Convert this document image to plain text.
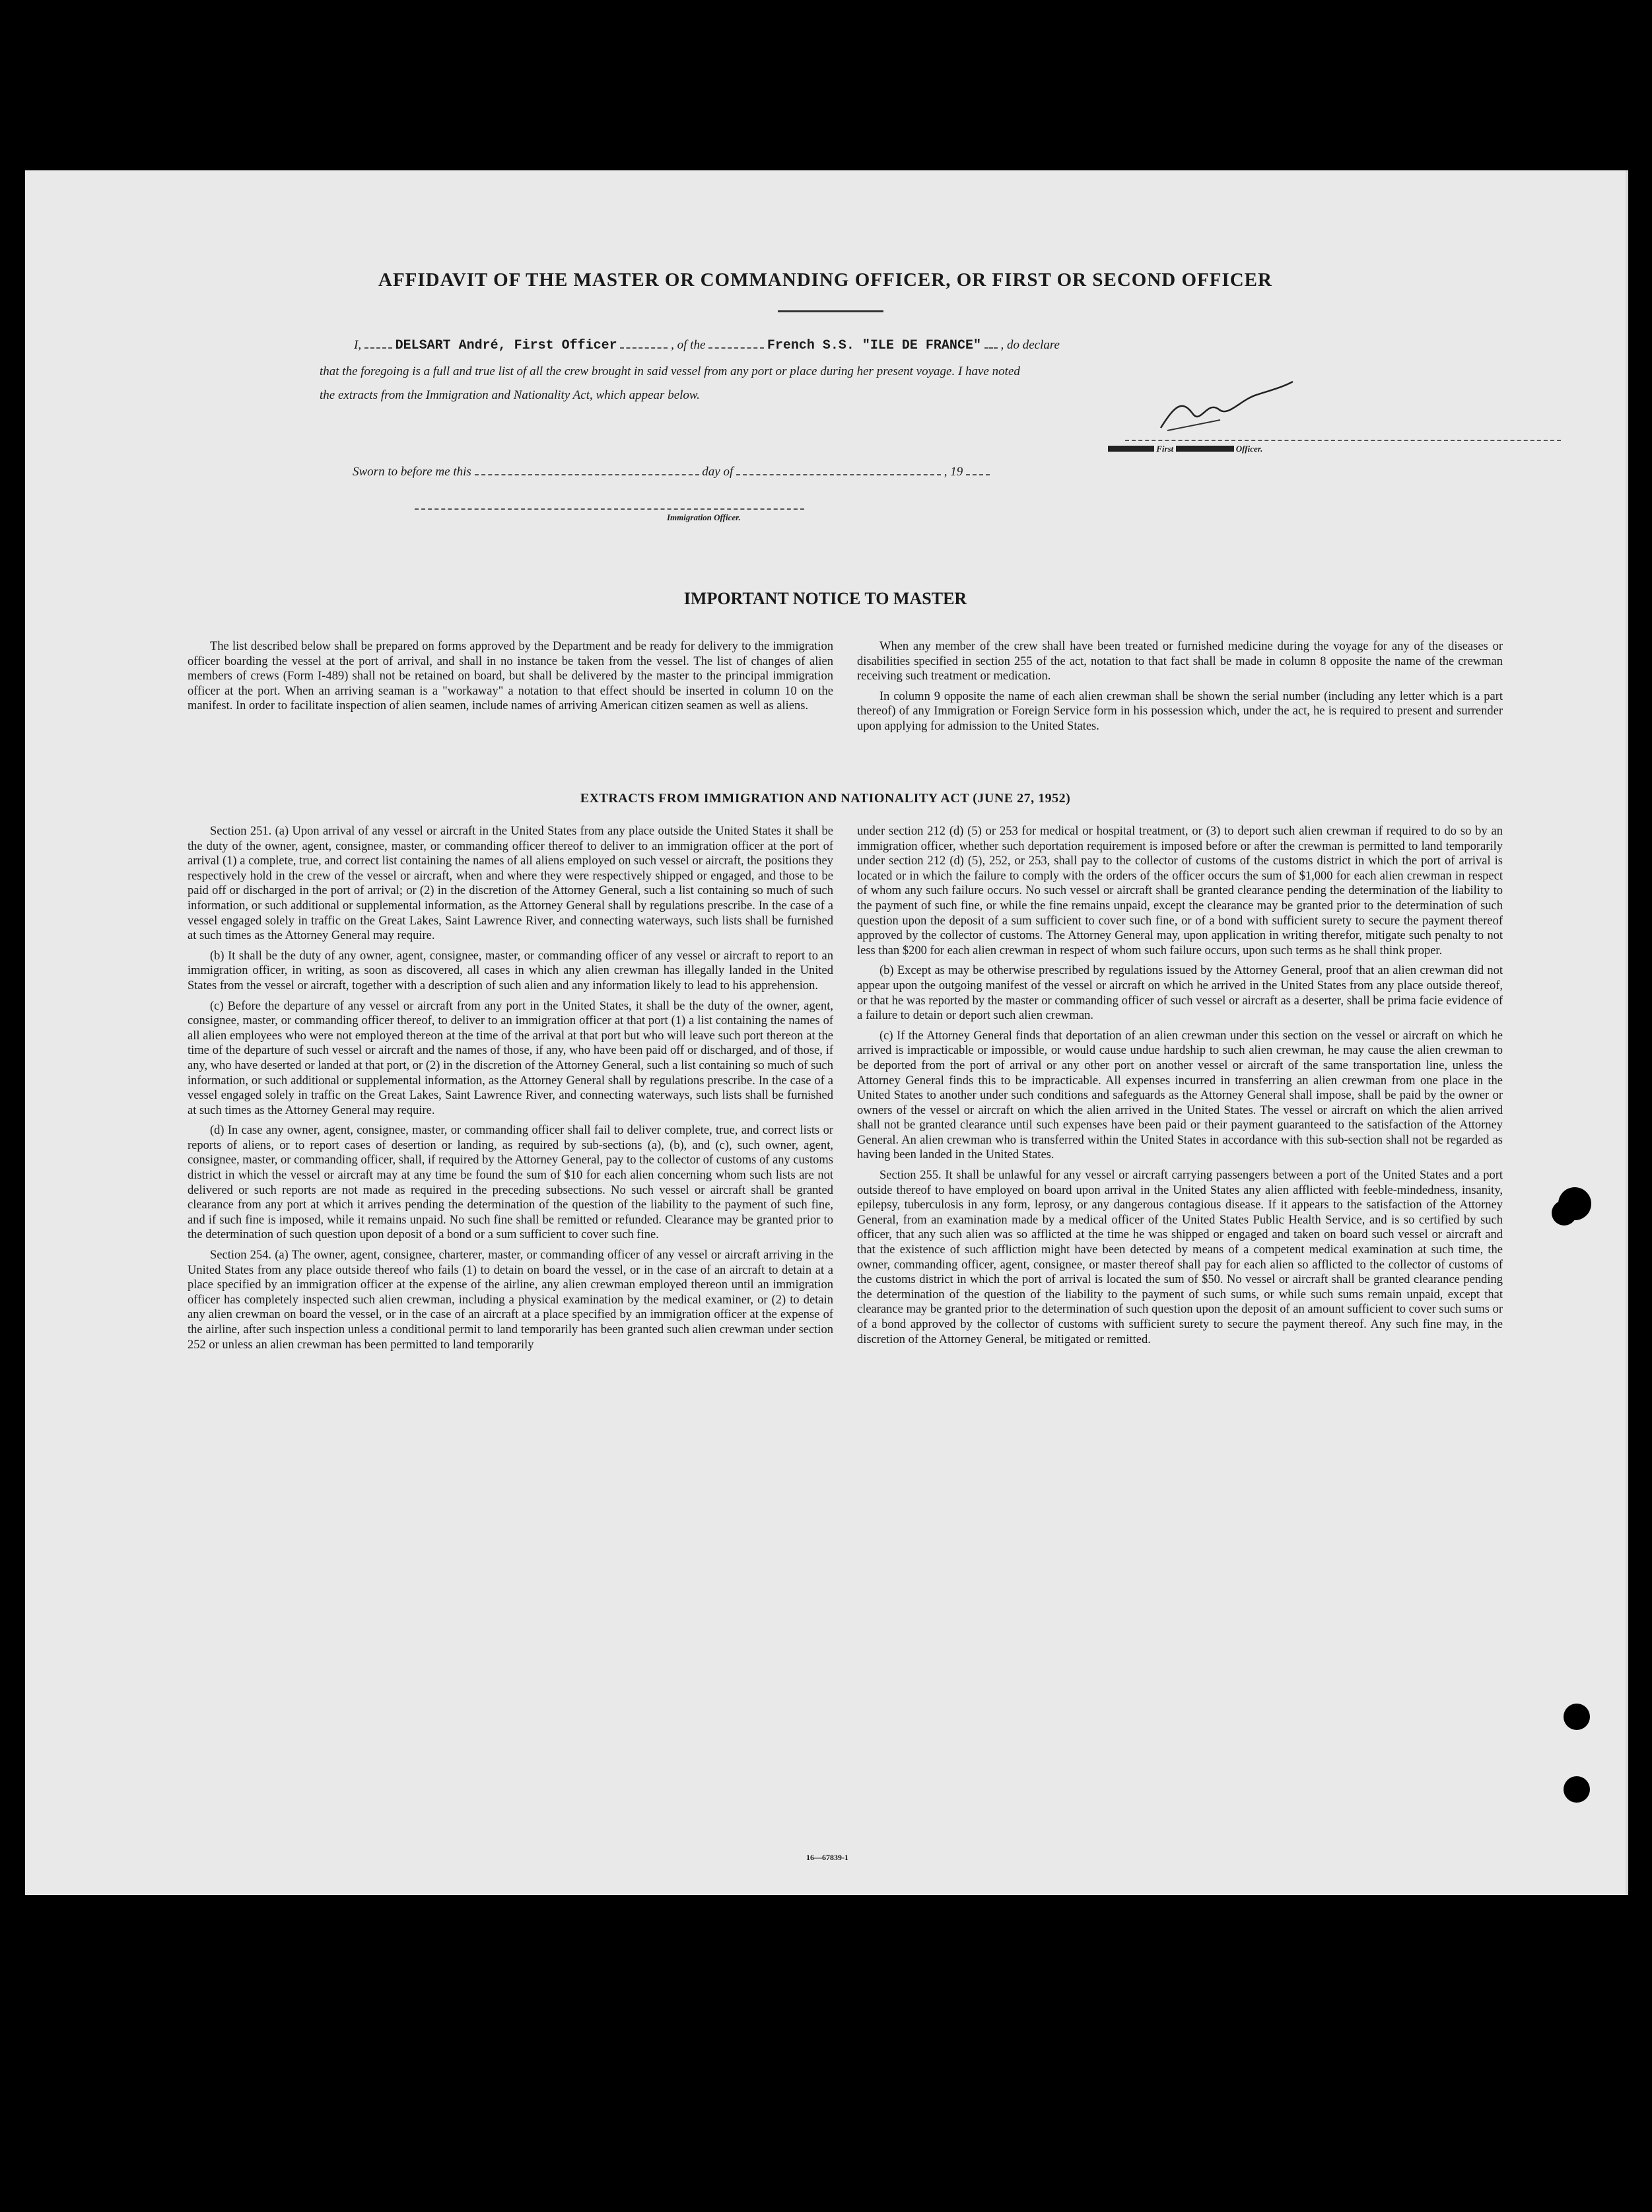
AFFIDAVIT OF THE MASTER OR COMMANDING OFFICER, OR FIRST OR SECOND OFFICER
I,	DELSART André, First Officer	, of the	French S.S. "ILE DE FRANCE" , do declare
that the foregoing is a full and true list of all the crew brought in said vessel from any port or place during her present voyage. I have noted
the extracts from the Immigration and Nationality Act, which appear below.
First	Officer.
Sworn to before me this	day of	, 19
Immigration Officer.
IMPORTANT NOTICE TO MASTER

The list described below shall be prepared on forms approved by the Department and be ready for delivery to the immigration officer boarding the vessel at the port of arrival, and shall in no instance be taken from the vessel. The list of changes of alien members of crews (Form I-489) shall not be retained on board, but shall be delivered by the master to the principal immigration officer at the port. When an arriving seaman is a "workaway" a notation to that effect should be inserted in column 10 on the manifest. In order to facilitate inspection of alien seamen, include names of arriving American citizen seamen as well as aliens.

When any member of the crew shall have been treated or furnished medicine during the voyage for any of the diseases or disabilities specified in section 255 of the act, notation to that fact shall be made in column 8 opposite the name of the crewman receiving such treatment or medication.

In column 9 opposite the name of each alien crewman shall be shown the serial number (including any letter which is a part thereof) of any Immigration or Foreign Service form in his possession which, under the act, he is required to present and surrender upon applying for admission to the United States.

EXTRACTS FROM IMMIGRATION AND NATIONALITY ACT (JUNE 27, 1952)

Section 251. (a) Upon arrival of any vessel or aircraft in the United States from any place outside the United States it shall be the duty of the owner, agent, consignee, master, or commanding officer thereof to deliver to an immigration officer at the port of arrival (1) a complete, true, and correct list containing the names of all aliens employed on such vessel or aircraft, the positions they respectively hold in the crew of the vessel or aircraft, when and where they were respectively shipped or engaged, and those to be paid off or discharged in the port of arrival; or (2) in the discretion of the Attorney General, such a list containing so much of such information, or such additional or supplemental information, as the Attorney General shall by regulations prescribe. In the case of a vessel engaged solely in traffic on the Great Lakes, Saint Lawrence River, and connecting waterways, such lists shall be furnished at such times as the Attorney General may require.

(b) It shall be the duty of any owner, agent, consignee, master, or commanding officer of any vessel or aircraft to report to an immigration officer, in writing, as soon as discovered, all cases in which any alien crewman has illegally landed in the United States from the vessel or aircraft, together with a description of such alien and any information likely to lead to his apprehension.

(c) Before the departure of any vessel or aircraft from any port in the United States, it shall be the duty of the owner, agent, consignee, master, or commanding officer thereof, to deliver to an immigration officer at that port (1) a list containing the names of all alien employees who were not employed thereon at the time of the arrival at that port but who will leave such port thereon at the time of the departure of such vessel or aircraft and the names of those, if any, who have been paid off or discharged, and of those, if any, who have deserted or landed at that port, or (2) in the discretion of the Attorney General, such a list containing so much of such information, or such additional or supplemental information, as the Attorney General shall by regulations prescribe. In the case of a vessel engaged solely in traffic on the Great Lakes, Saint Lawrence River, and connecting waterways, such lists shall be furnished at such times as the Attorney General may require.

(d) In case any owner, agent, consignee, master, or commanding officer shall fail to deliver complete, true, and correct lists or reports of aliens, or to report cases of desertion or landing, as required by sub-sections (a), (b), and (c), such owner, agent, consignee, master, or commanding officer, shall, if required by the Attorney General, pay to the collector of customs of any customs district in which the vessel or aircraft may at any time be found the sum of $10 for each alien concerning whom such lists are not delivered or such reports are not made as required in the preceding subsections. No such vessel or aircraft shall be granted clearance from any port at which it arrives pending the determination of the question of the liability to the payment of such fine, and if such fine is imposed, while it remains unpaid. No such fine shall be remitted or refunded. Clearance may be granted prior to the determination of such question upon deposit of a bond or a sum sufficient to cover such fine.

Section 254. (a) The owner, agent, consignee, charterer, master, or commanding officer of any vessel or aircraft arriving in the United States from any place outside thereof who fails (1) to detain on board the vessel, or in the case of an aircraft to detain at a place specified by an immigration officer at the expense of the airline, any alien crewman employed thereon until an immigration officer has completely inspected such alien crewman, including a physical examination by the medical examiner, or (2) to detain any alien crewman on board the vessel, or in the case of an aircraft at a place specified by an immigration officer at the expense of the airline, after such inspection unless a conditional permit to land temporarily has been granted such alien crewman under section 252 or unless an alien crewman has been permitted to land temporarily

under section 212 (d) (5) or 253 for medical or hospital treatment, or (3) to deport such alien crewman if required to do so by an immigration officer, whether such deportation requirement is imposed before or after the crewman is permitted to land temporarily under section 212 (d) (5), 252, or 253, shall pay to the collector of customs of the customs district in which the port of arrival is located or in which the failure to comply with the orders of the officer occurs the sum of $1,000 for each alien crewman in respect of whom any such failure occurs. No such vessel or aircraft shall be granted clearance pending the determination of the liability to the payment of such fine, or while the fine remains unpaid, except the clearance may be granted prior to the determination of such question upon the deposit of a sum sufficient to cover such fine, or of a bond with sufficient surety to secure the payment thereof approved by the collector of customs. The Attorney General may, upon application in writing therefor, mitigate such penalty to not less than $200 for each alien crewman in respect of whom such failure occurs, upon such terms as he shall think proper.

(b) Except as may be otherwise prescribed by regulations issued by the Attorney General, proof that an alien crewman did not appear upon the outgoing manifest of the vessel or aircraft on which he arrived in the United States from any place outside thereof, or that he was reported by the master or commanding officer of such vessel or aircraft as a deserter, shall be prima facie evidence of a failure to detain or deport such alien crewman.

(c) If the Attorney General finds that deportation of an alien crewman under this section on the vessel or aircraft on which he arrived is impracticable or impossible, or would cause undue hardship to such alien crewman, he may cause the alien crewman to be deported from the port of arrival or any other port on another vessel or aircraft of the same transportation line, unless the Attorney General finds this to be impracticable. All expenses incurred in transferring an alien crewman from one place in the United States to another under such conditions and safeguards as the Attorney General shall impose, shall be paid by the owner or owners of the vessel or aircraft on which the alien arrived in the United States. The vessel or aircraft on which the alien arrived shall not be granted clearance until such expenses have been paid or their payment guaranteed to the satisfaction of the Attorney General. An alien crewman who is transferred within the United States in accordance with this sub-section shall not be regarded as having been landed in the United States.

Section 255. It shall be unlawful for any vessel or aircraft carrying passengers between a port of the United States and a port outside thereof to have employed on board upon arrival in the United States any alien afflicted with feeble-mindedness, insanity, epilepsy, tuberculosis in any form, leprosy, or any dangerous contagious disease. If it appears to the satisfaction of the Attorney General, from an examination made by a medical officer of the United States Public Health Service, and is so certified by such officer, that any such alien was so afflicted at the time he was shipped or engaged and taken on board such vessel or aircraft and that the existence of such affliction might have been detected by means of a competent medical examination at such time, the owner, commanding officer, agent, consignee, or master thereof shall pay for each alien so afflicted to the collector of customs of the customs district in which the port of arrival is located the sum of $50. No vessel or aircraft shall be granted clearance pending the determination of the question of the liability to the payment of such sums, or while such sums remain unpaid, except that clearance may be granted prior to the determination of such question upon the deposit of an amount sufficient to cover such sums or of a bond approved by the collector of customs with sufficient surety to secure the payment thereof. Any such fine may, in the discretion of the Attorney General, be mitigated or remitted.

16—67839-1
